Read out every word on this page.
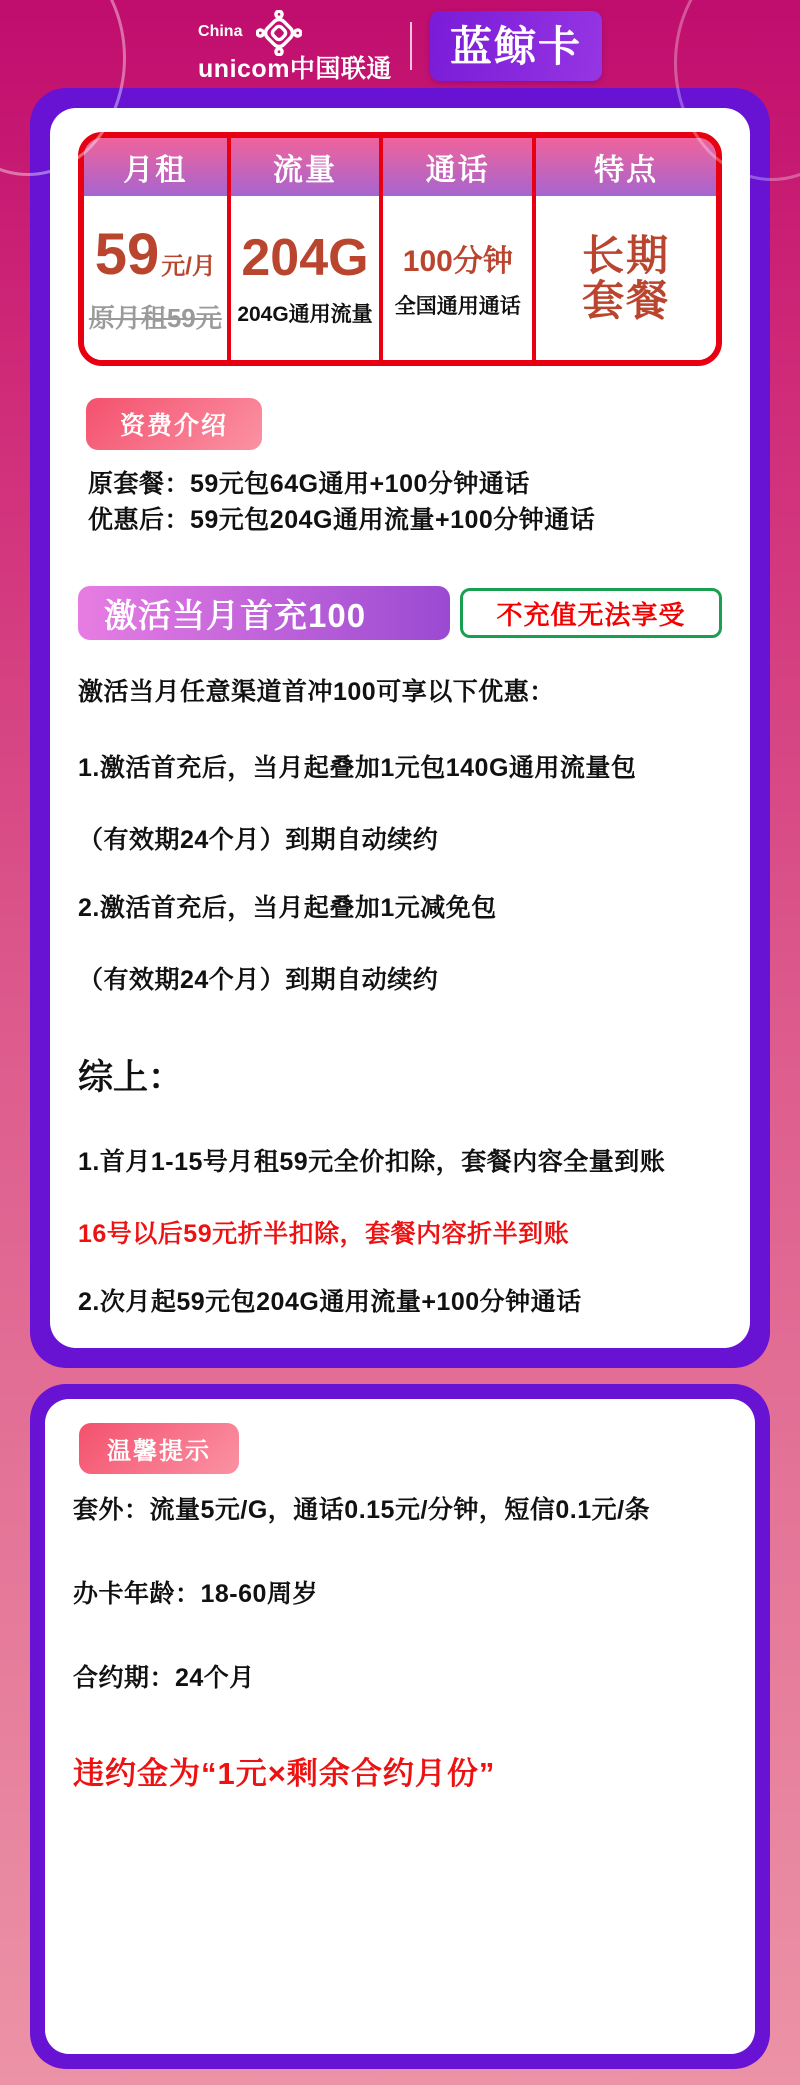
China
unicom中国联通	蓝鲸卡
月租
59 元/月
原月租59元
流量
204G
204G通用流量
通话
100分钟
全国通用通话
特点
长期
套餐
资费介绍
原套餐：59元包64G通用+100分钟通话
优惠后：59元包204G通用流量+100分钟通话
激活当月首充100	不充值无法享受
激活当月任意渠道首冲100可享以下优惠：
1.激活首充后，当月起叠加1元包140G通用流量包
（有效期24个月）到期自动续约
2.激活首充后，当月起叠加1元减免包
（有效期24个月）到期自动续约
综上：
1.首月1-15号月租59元全价扣除，套餐内容全量到账
16号以后59元折半扣除，套餐内容折半到账
2.次月起59元包204G通用流量+100分钟通话
温馨提示
套外：流量5元/G，通话0.15元/分钟，短信0.1元/条
办卡年龄：18-60周岁
合约期：24个月
违约金为“1元×剩余合约月份”
